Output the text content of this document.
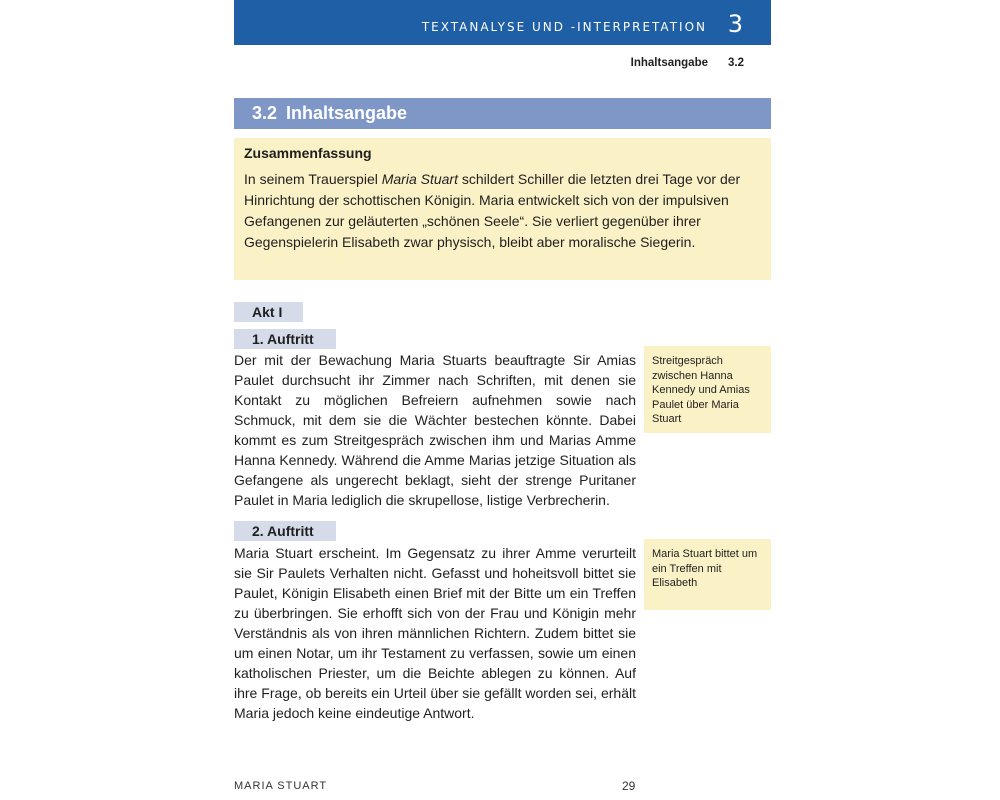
TEXTANALYSE UND -INTERPRETATION 3
Inhaltsangabe 3.2
3.2 Inhaltsangabe
Zusammenfassung

In seinem Trauerspiel Maria Stuart schildert Schiller die letzten drei Tage vor der Hinrichtung der schottischen Königin. Maria entwickelt sich von der impulsiven Gefangenen zur geläuterten „schönen Seele“. Sie verliert gegenüber ihrer Gegenspielerin Elisabeth zwar physisch, bleibt aber moralische Siegerin.

Akt I
1. Auftritt

Der mit der Bewachung Maria Stuarts beauftragte Sir Amias Paulet durchsucht ihr Zimmer nach Schriften, mit denen sie Kontakt zu möglichen Befreiern aufnehmen sowie nach Schmuck, mit dem sie die Wächter bestechen könnte. Dabei kommt es zum Streitgespräch zwischen ihm und Marias Amme Hanna Kennedy. Während die Amme Marias jetzige Situation als Gefangene als ungerecht beklagt, sieht der strenge Puritaner Paulet in Maria lediglich die skrupellose, listige Verbrecherin.

Streitgespräch zwischen Hanna Kennedy und Amias Paulet über Maria Stuart
2. Auftritt

Maria Stuart erscheint. Im Gegensatz zu ihrer Amme verurteilt sie Sir Paulets Verhalten nicht. Gefasst und hoheitsvoll bittet sie Paulet, Königin Elisabeth einen Brief mit der Bitte um ein Treffen zu überbringen. Sie erhofft sich von der Frau und Königin mehr Verständnis als von ihren männlichen Richtern. Zudem bittet sie um einen Notar, um ihr Testament zu verfassen, sowie um einen katholischen Priester, um die Beichte ablegen zu können. Auf ihre Frage, ob bereits ein Urteil über sie gefällt worden sei, erhält Maria jedoch keine eindeutige Antwort.

Maria Stuart bittet um ein Treffen mit Elisabeth
MARIA STUART	29
